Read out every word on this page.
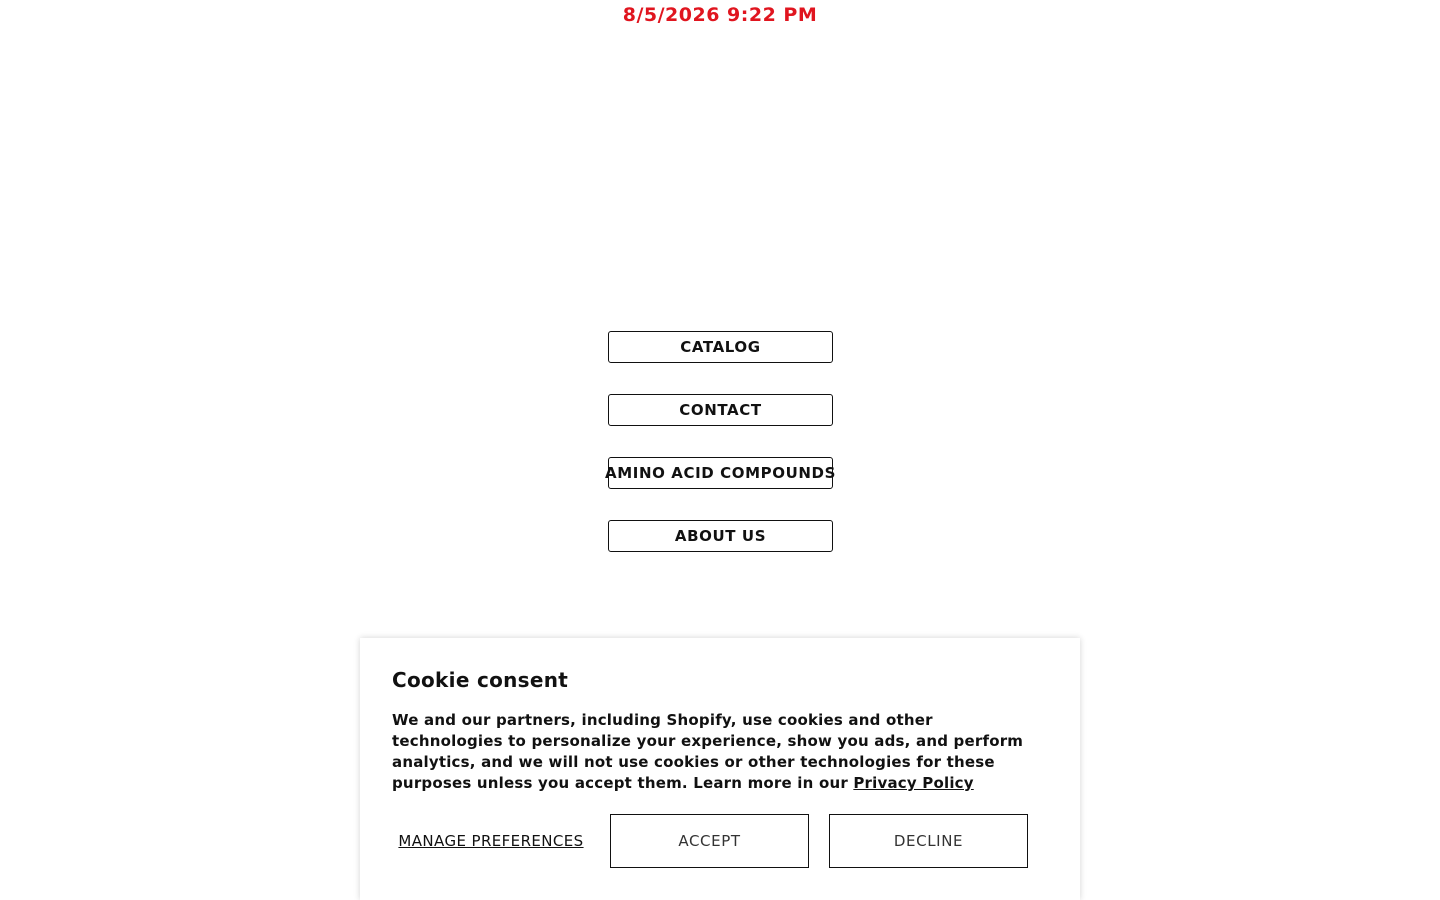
8/5/2026 9:22 PM
CATALOG
CONTACT
AMINO ACID COMPOUNDS
ABOUT US
Cookie consent
We and our partners, including Shopify, use cookies and other technologies to personalize your experience, show you ads, and perform analytics, and we will not use cookies or other technologies for these purposes unless you accept them. Learn more in our Privacy Policy
MANAGE PREFERENCES	ACCEPT	DECLINE
